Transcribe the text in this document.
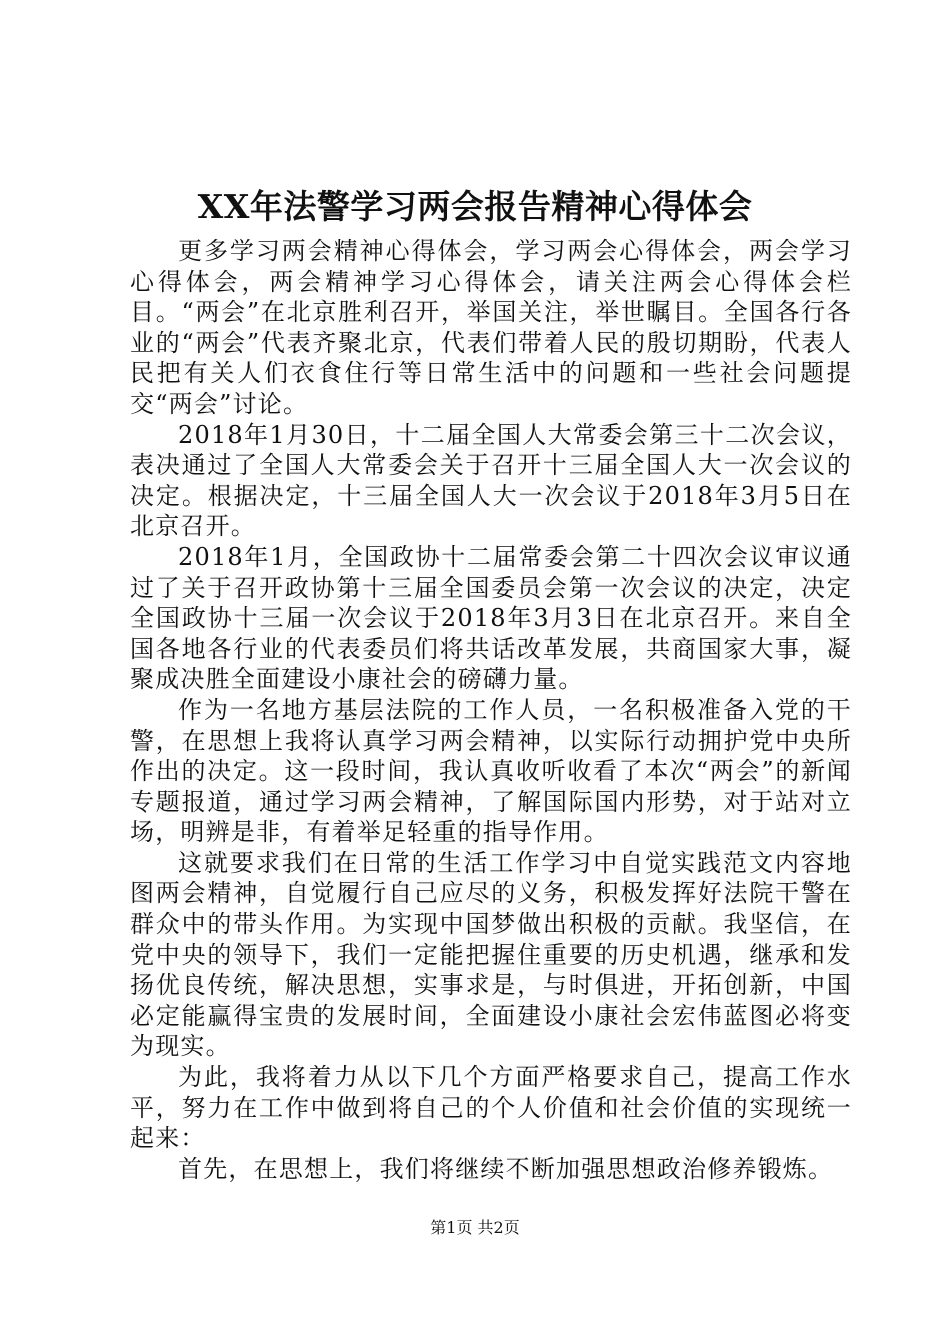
XX年法警学习两会报告精神心得体会

更多学习两会精神心得体会，学习两会心得体会，两会学习心得体会，两会精神学习心得体会，请关注两会心得体会栏目。“两会”在北京胜利召开，举国关注，举世瞩目。全国各行各业的“两会”代表齐聚北京，代表们带着人民的殷切期盼，代表人民把有关人们衣食住行等日常生活中的问题和一些社会问题提交“两会”讨论。

2018年1月30日，十二届全国人大常委会第三十二次会议，表决通过了全国人大常委会关于召开十三届全国人大一次会议的决定。根据决定，十三届全国人大一次会议于2018年3月5日在北京召开。

2018年1月，全国政协十二届常委会第二十四次会议审议通过了关于召开政协第十三届全国委员会第一次会议的决定，决定全国政协十三届一次会议于2018年3月3日在北京召开。来自全国各地各行业的代表委员们将共话改革发展，共商国家大事，凝聚成决胜全面建设小康社会的磅礴力量。

作为一名地方基层法院的工作人员，一名积极准备入党的干警，在思想上我将认真学习两会精神，以实际行动拥护党中央所作出的决定。这一段时间，我认真收听收看了本次“两会”的新闻专题报道，通过学习两会精神，了解国际国内形势，对于站对立场，明辨是非，有着举足轻重的指导作用。

这就要求我们在日常的生活工作学习中自觉实践范文内容地图两会精神，自觉履行自己应尽的义务，积极发挥好法院干警在群众中的带头作用。为实现中国梦做出积极的贡献。我坚信，在党中央的领导下，我们一定能把握住重要的历史机遇，继承和发扬优良传统，解决思想，实事求是，与时俱进，开拓创新，中国必定能赢得宝贵的发展时间，全面建设小康社会宏伟蓝图必将变为现实。

为此，我将着力从以下几个方面严格要求自己，提高工作水平，努力在工作中做到将自己的个人价值和社会价值的实现统一起来：

首先，在思想上，我们将继续不断加强思想政治修养锻炼。

第1页 共2页
